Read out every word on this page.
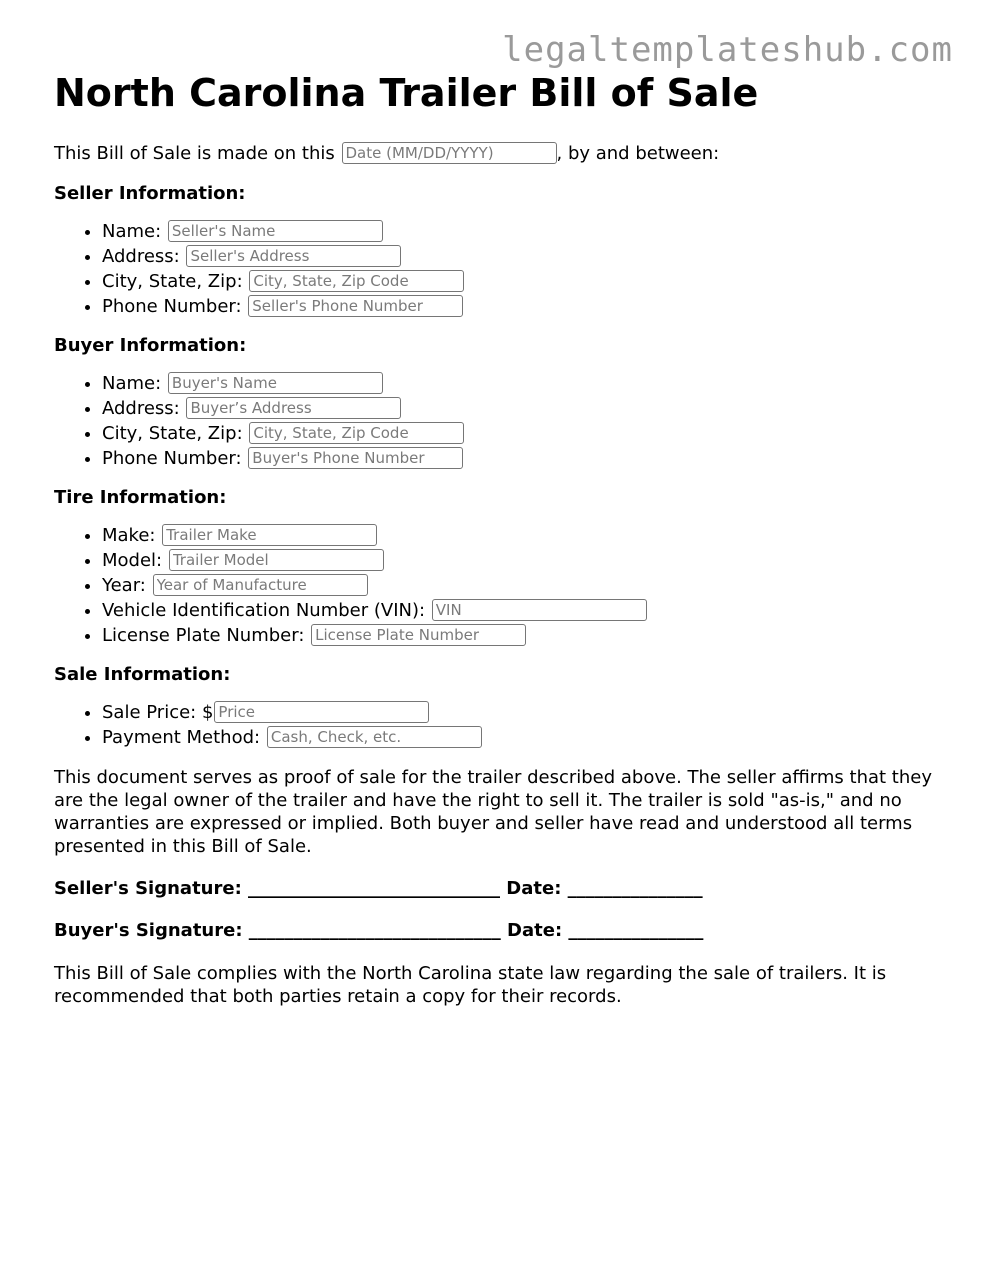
legaltemplateshub.com
North Carolina Trailer Bill of Sale

This Bill of Sale is made on this Date (MM/DD/YYYY)	, by and between:

Seller Information:
• Name: Seller's Name
• Address: Seller's Address
• City, State, Zip: City, State, Zip Code
• Phone Number: Seller's Phone Number
Buyer Information:
• Name: Buyer's Name
• Address: Buyer’s Address
• City, State, Zip: City, State, Zip Code
• Phone Number: Buyer's Phone Number
Tire Information:
• Make: Trailer Make
• Model: Trailer Model
• Year: Year of Manufacture
• Vehicle Identification Number (VIN): VIN
• License Plate Number: License Plate Number
Sale Information:
• Sale Price: $Price
• Payment Method: Cash, Check, etc.

This document serves as proof of sale for the trailer described above. The seller affirms that they are the legal owner of the trailer and have the right to sell it. The trailer is sold "as-is," and no warranties are expressed or implied. Both buyer and seller have read and understood all terms presented in this Bill of Sale.

Seller's Signature: ____________________________ Date: _______________

Buyer's Signature: ____________________________ Date: _______________

This Bill of Sale complies with the North Carolina state law regarding the sale of trailers. It is recommended that both parties retain a copy for their records.
